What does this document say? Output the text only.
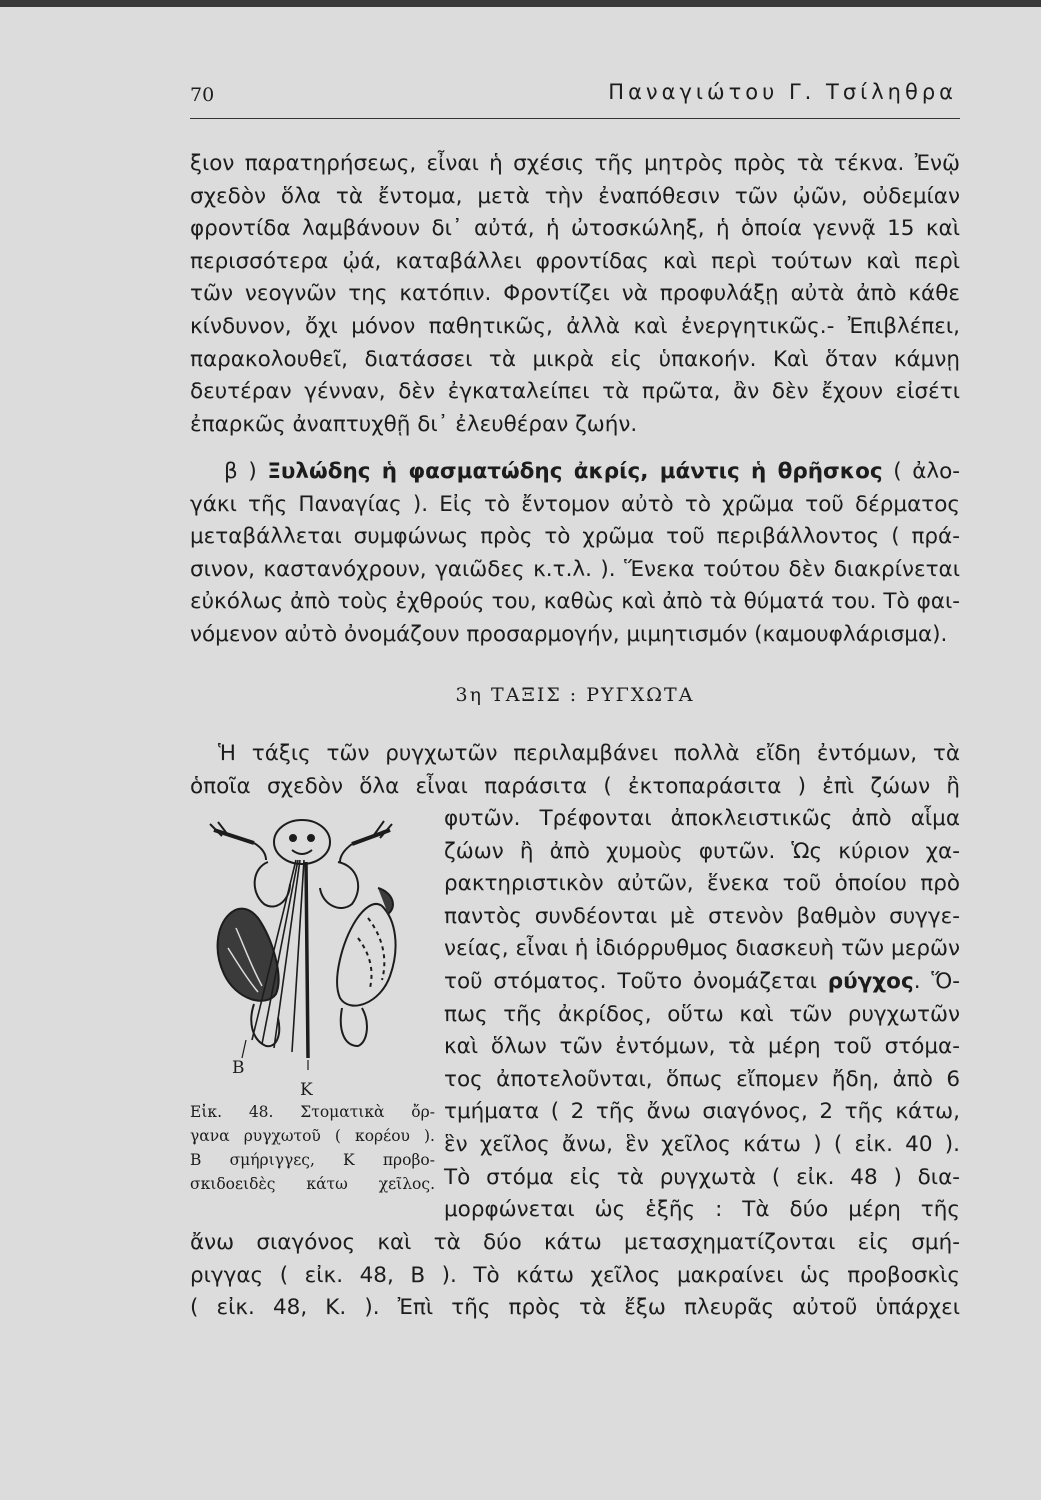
70	Παναγιώτου Γ. Τσίληθρα
ξιον παρατηρήσεως, εἶναι ἡ σχέσις τῆς μητρὸς πρὸς τὰ τέκνα. Ἐνῷ
σχεδὸν ὅλα τὰ ἔντομα, μετὰ τὴν ἐναπόθεσιν τῶν ᾠῶν, οὐδεμίαν
φροντίδα λαμβάνουν δι᾽ αὐτά, ἡ ὠτοσκώληξ, ἡ ὁποία γεννᾷ 15 καὶ
περισσότερα ᾠά, καταβάλλει φροντίδας καὶ περὶ τούτων καὶ περὶ
τῶν νεογνῶν της κατόπιν. Φροντίζει νὰ προφυλάξῃ αὐτὰ ἀπὸ κάθε
κίνδυνον, ὄχι μόνον παθητικῶς, ἀλλὰ καὶ ἐνεργητικῶς.- Ἐπιβλέπει,
παρακολουθεῖ, διατάσσει τὰ μικρὰ εἰς ὑπακοήν. Καὶ ὅταν κάμνῃ
δευτέραν γένναν, δὲν ἐγκαταλείπει τὰ πρῶτα, ἂν δὲν ἔχουν εἰσέτι
ἐπαρκῶς ἀναπτυχθῇ δι᾽ ἐλευθέραν ζωήν.
β ) Ξυλώδης ἡ φασματώδης ἀκρίς, μάντις ἡ θρῆσκος ( ἀλο-
γάκι τῆς Παναγίας ). Εἰς τὸ ἔντομον αὐτὸ τὸ χρῶμα τοῦ δέρματος
μεταβάλλεται συμφώνως πρὸς τὸ χρῶμα τοῦ περιβάλλοντος ( πρά-
σινον, καστανόχρουν, γαιῶδες κ.τ.λ. ). Ἕνεκα τούτου δὲν διακρίνεται
εὐκόλως ἀπὸ τοὺς ἐχθρούς του, καθὼς καὶ ἀπὸ τὰ θύματά του. Τὸ φαι-
νόμενον αὐτὸ ὀνομάζουν προσαρμογήν, μιμητισμόν (καμουφλάρισμα).
3η ΤΑΞΙΣ : ΡΥΓΧΩΤΑ
Ἡ τάξις τῶν ρυγχωτῶν περιλαμβάνει πολλὰ εἴδη ἐντόμων, τὰ
ὁποῖα σχεδὸν ὅλα εἶναι παράσιτα ( ἐκτοπαράσιτα ) ἐπὶ ζώων ἢ
φυτῶν. Τρέφονται ἀποκλειστικῶς ἀπὸ αἷμα
ζώων ἢ ἀπὸ χυμοὺς φυτῶν. Ὡς κύριον χα-
ρακτηριστικὸν αὐτῶν, ἕνεκα τοῦ ὁποίου πρὸ
παντὸς συνδέονται μὲ στενὸν βαθμὸν συγγε-
νείας, εἶναι ἡ ἰδιόρρυθμος διασκευὴ τῶν μερῶν
τοῦ στόματος. Τοῦτο ὀνομάζεται ρύγχος. Ὅ-
πως τῆς ἀκρίδος, οὕτω καὶ τῶν ρυγχωτῶν
καὶ ὅλων τῶν ἐντόμων, τὰ μέρη τοῦ στόμα-
τος ἀποτελοῦνται, ὅπως εἴπομεν ἤδη, ἀπὸ 6
τμήματα ( 2 τῆς ἄνω σιαγόνος, 2 τῆς κάτω,
ἓν χεῖλος ἄνω, ἓν χεῖλος κάτω ) ( εἰκ. 40 ).
Τὸ στόμα εἰς τὰ ρυγχωτὰ ( εἰκ. 48 ) δια-
μορφώνεται ὡς ἑξῆς : Τὰ δύο μέρη τῆς
ἄνω σιαγόνος καὶ τὰ δύο κάτω μετασχηματίζονται εἰς σμή-
ριγγας ( εἰκ. 48, Β ). Τὸ κάτω χεῖλος μακραίνει ὡς προβοσκὶς
( εἰκ. 48, Κ. ). Ἐπὶ τῆς πρὸς τὰ ἔξω πλευρᾶς αὐτοῦ ὑπάρχει
Β
Κ
Εἰκ. 48. Στοματικὰ ὄρ-
γανα ρυγχωτοῦ ( κορέου ).
Β σμήριγγες, Κ προβο-
σκιδοειδὲς κάτω χεῖλος.
